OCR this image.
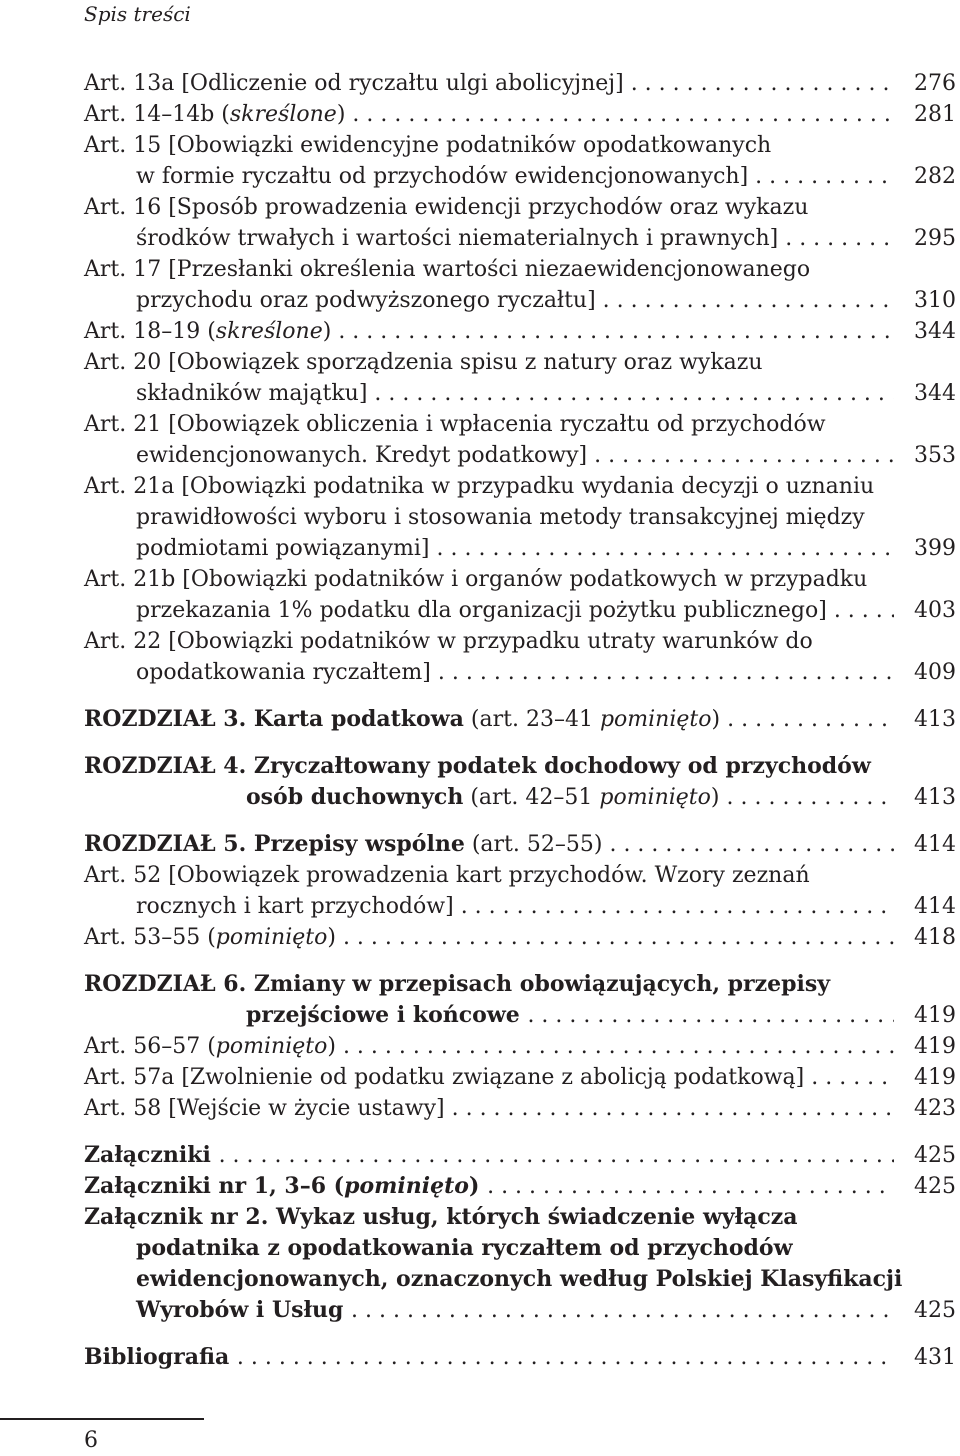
Spis treści
Art. 13a [Odliczenie od ryczałtu ulgi abolicyjnej] . . .	276
Art. 14–14b (skreślone) . . .	281
Art. 15 [Obowiązki ewidencyjne podatników opodatkowanych
w formie ryczałtu od przychodów ewidencjonowanych] . . .	282
Art. 16 [Sposób prowadzenia ewidencji przychodów oraz wykazu
środków trwałych i wartości niematerialnych i prawnych] . . .	295
Art. 17 [Przesłanki określenia wartości niezaewidencjonowanego
przychodu oraz podwyższonego ryczałtu] . . .	310
Art. 18–19 (skreślone) . . .	344
Art. 20 [Obowiązek sporządzenia spisu z natury oraz wykazu
składników majątku] . . .	344
Art. 21 [Obowiązek obliczenia i wpłacenia ryczałtu od przychodów
ewidencjonowanych. Kredyt podatkowy] . . .	353
Art. 21a [Obowiązki podatnika w przypadku wydania decyzji o uznaniu
prawidłowości wyboru i stosowania metody transakcyjnej między
podmiotami powiązanymi] . . .	399
Art. 21b [Obowiązki podatników i organów podatkowych w przypadku
przekazania 1% podatku dla organizacji pożytku publicznego] . . .	403
Art. 22 [Obowiązki podatników w przypadku utraty warunków do
opodatkowania ryczałtem] . . .	409
ROZDZIAŁ 3. Karta podatkowa (art. 23–41 pominięto) . . .	413
ROZDZIAŁ 4. Zryczałtowany podatek dochodowy od przychodów
osób duchownych (art. 42–51 pominięto) . . .	413
ROZDZIAŁ 5. Przepisy wspólne (art. 52–55) . . .	414
Art. 52 [Obowiązek prowadzenia kart przychodów. Wzory zeznań
rocznych i kart przychodów] . . .	414
Art. 53–55 (pominięto) . . .	418
ROZDZIAŁ 6. Zmiany w przepisach obowiązujących, przepisy
przejściowe i końcowe . . .	419
Art. 56–57 (pominięto) . . .	419
Art. 57a [Zwolnienie od podatku związane z abolicją podatkową] . . .	419
Art. 58 [Wejście w życie ustawy] . . .	423
Załączniki . . .	425
Załączniki nr 1, 3–6 (pominięto) . . .	425
Załącznik nr 2. Wykaz usług, których świadczenie wyłącza
podatnika z opodatkowania ryczałtem od przychodów
ewidencjonowanych, oznaczonych według Polskiej Klasyfikacji
Wyrobów i Usług . . .	425
Bibliografia . . .	431
6
